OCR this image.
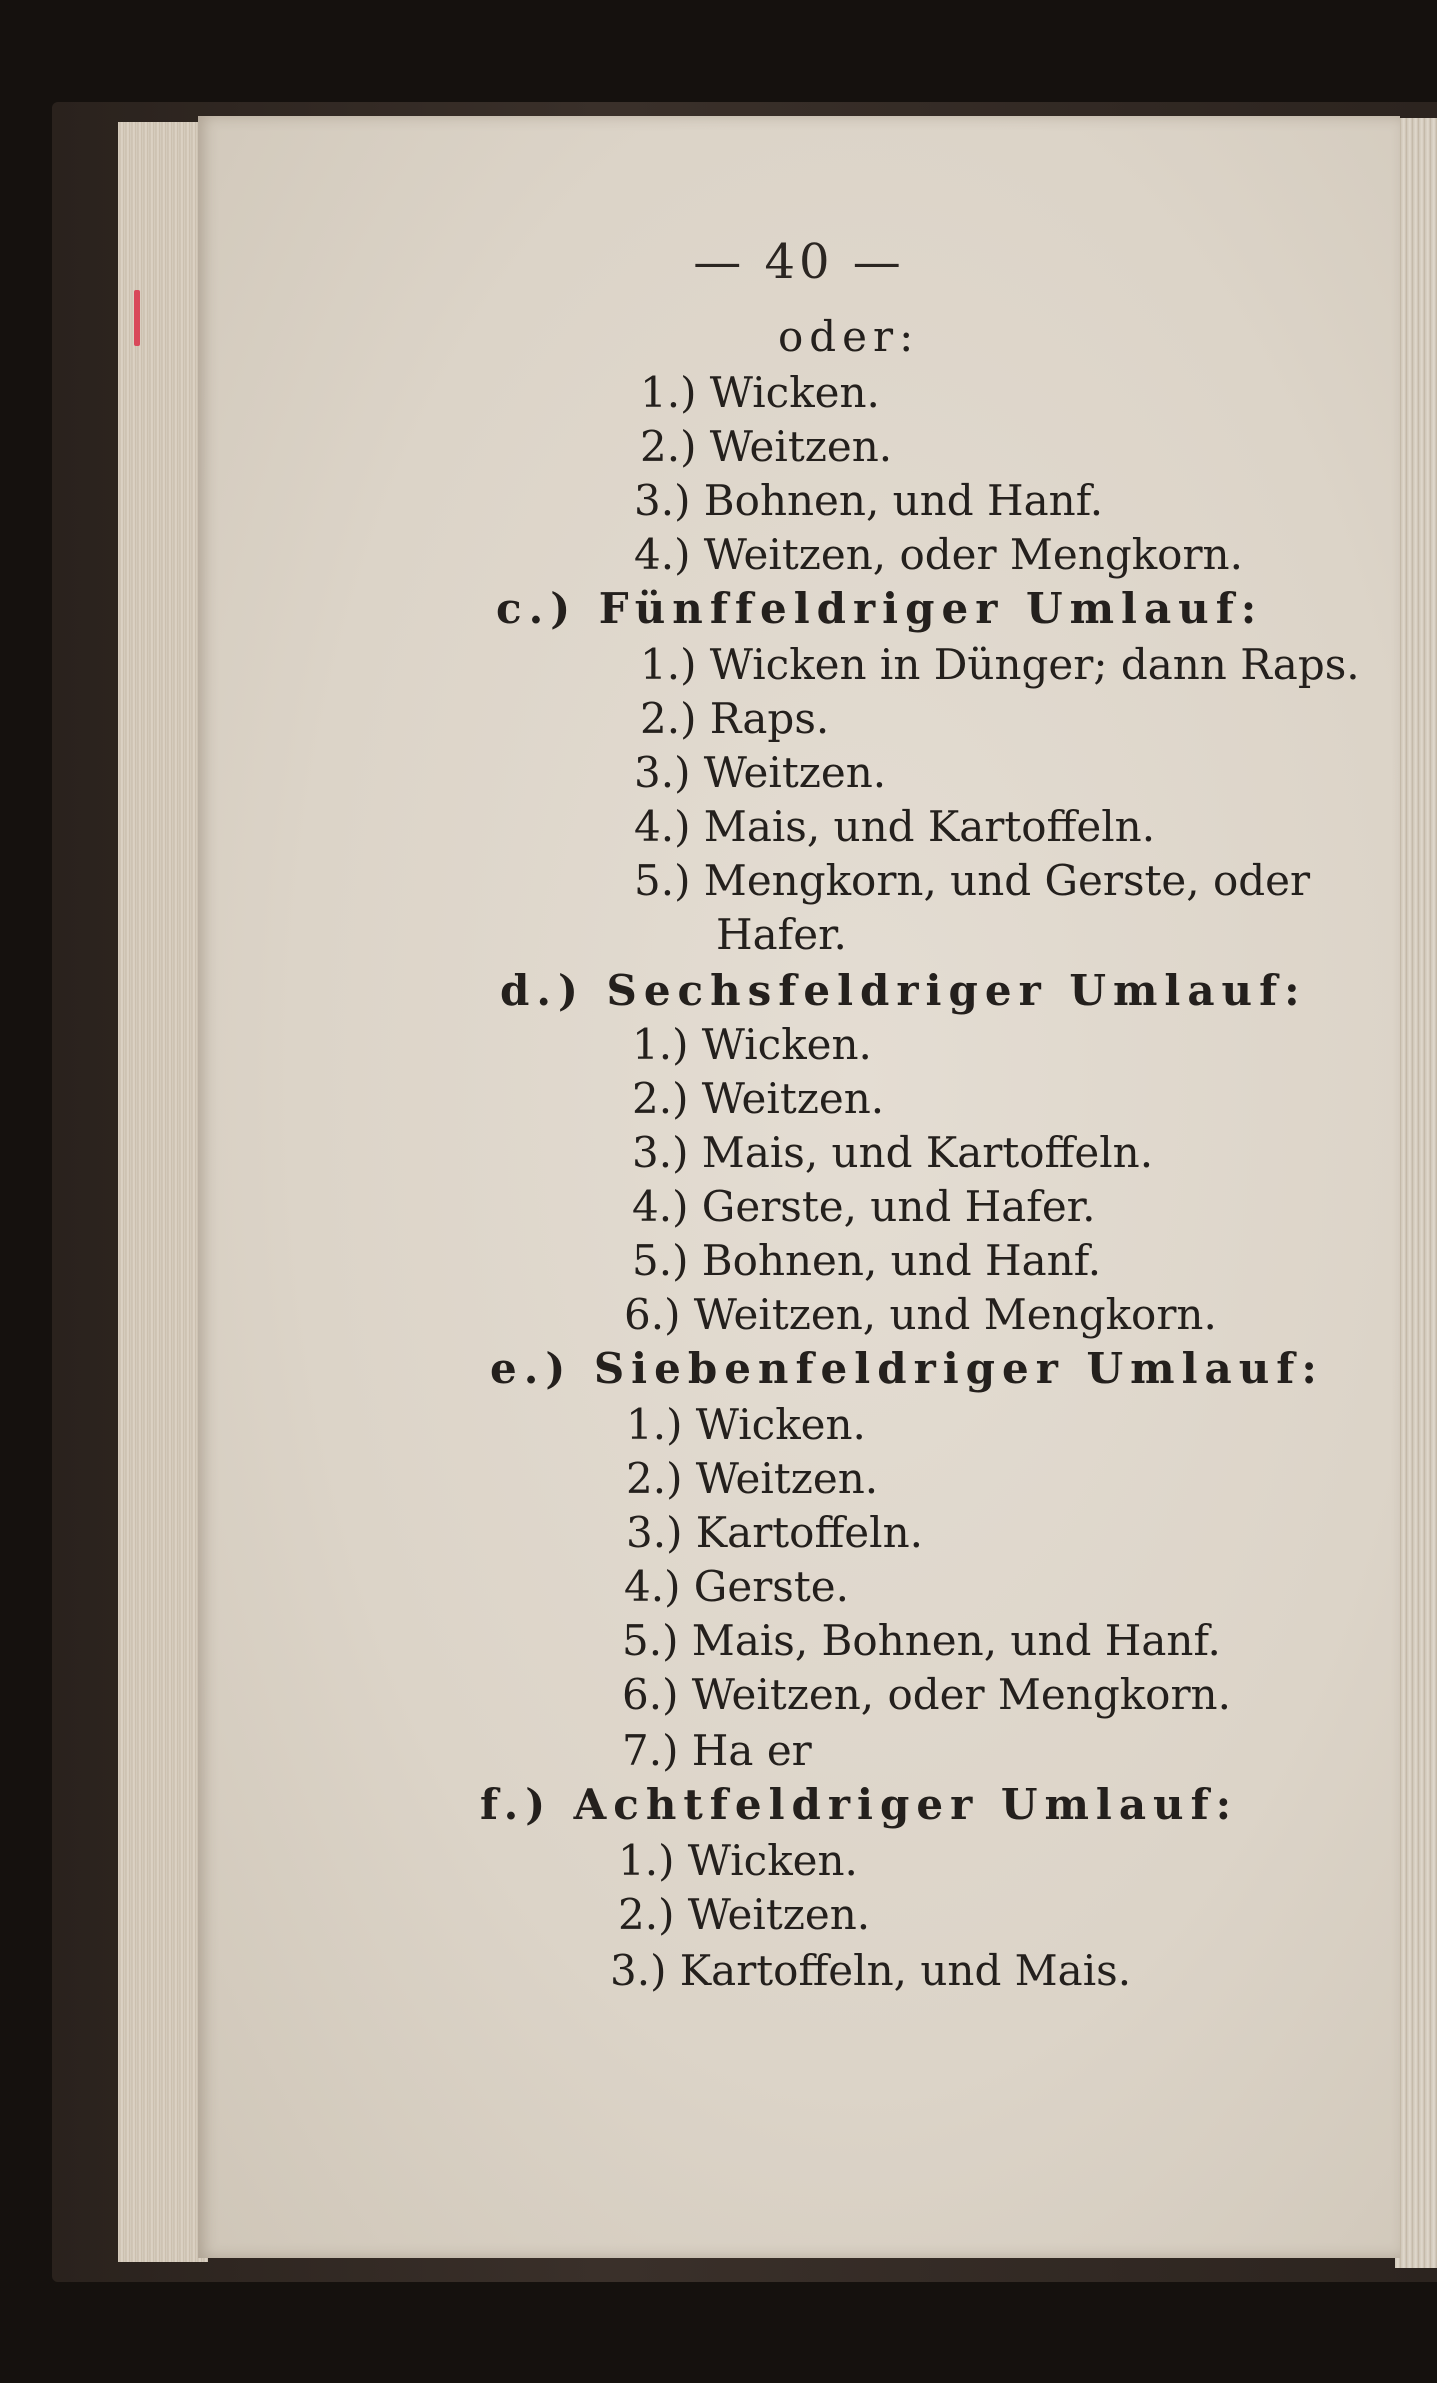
— 40 —
oder:
1.) Wicken.
2.) Weitzen.
3.) Bohnen, und Hanf.
4.) Weitzen, oder Mengkorn.
c.) Fünffeldriger Umlauf:
1.) Wicken in Dünger; dann Raps.
2.) Raps.
3.) Weitzen.
4.) Mais, und Kartoffeln.
5.) Mengkorn, und Gerste, oder
Hafer.
d.) Sechsfeldriger Umlauf:
1.) Wicken.
2.) Weitzen.
3.) Mais, und Kartoffeln.
4.) Gerste, und Hafer.
5.) Bohnen, und Hanf.
6.) Weitzen, und Mengkorn.
e.) Siebenfeldriger Umlauf:
1.) Wicken.
2.) Weitzen.
3.) Kartoffeln.
4.) Gerste.
5.) Mais, Bohnen, und Hanf.
6.) Weitzen, oder Mengkorn.
7.) Ha er
f.) Achtfeldriger Umlauf:
1.) Wicken.
2.) Weitzen.
3.) Kartoffeln, und Mais.
